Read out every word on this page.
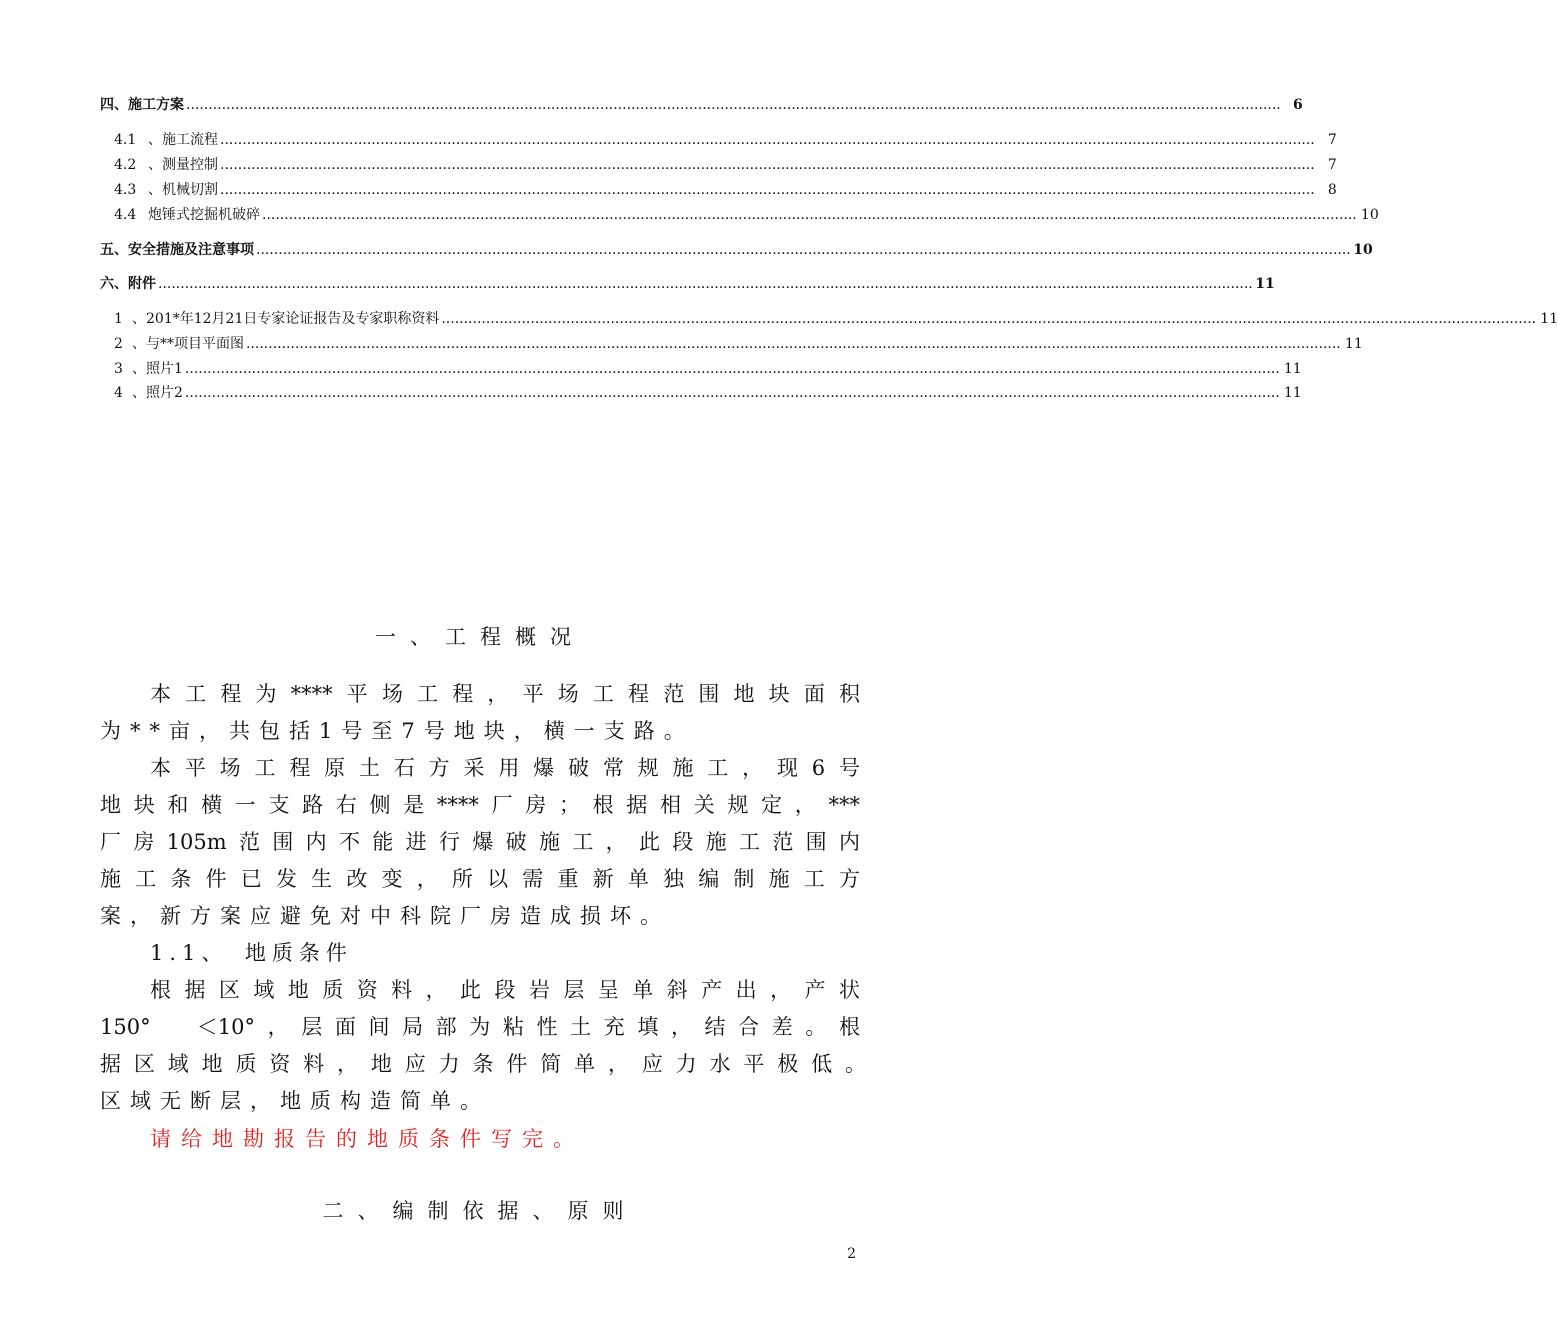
四、施工方案 ...................................................................................................................................................................................................................................................... 6
4.1 、施工流程 ...................................................................................................................................................................................................................................................... 7
4.2 、测量控制 ...................................................................................................................................................................................................................................................... 7
4.3 、机械切割 ...................................................................................................................................................................................................................................................... 8
4.4 炮锤式挖掘机破碎 ...................................................................................................................................................................................................................................................... 10
五、安全措施及注意事项 ...................................................................................................................................................................................................................................................... 10
六、附件 ...................................................................................................................................................................................................................................................... 11
1 、201*年12月21日专家论证报告及专家职称资料 ...................................................................................................................................................................................................................................................... 11
2 、与**项目平面图 ...................................................................................................................................................................................................................................................... 11
3 、照片1 ...................................................................................................................................................................................................................................................... 11
4 、照片2 ...................................................................................................................................................................................................................................................... 11
一、工程概况
本工程为****平场工程，平场工程范围地块面积
为**亩，共包括1号至7号地块，横一支路。
本平场工程原土石方采用爆破常规施工，现6号
地块和横一支路右侧是****厂房；根据相关规定，***
厂房105m范围内不能进行爆破施工，此段施工范围内
施工条件已发生改变，所以需重新单独编制施工方
案，新方案应避免对中科院厂房造成损坏。
1.1、　地质条件
根据区域地质资料，此段岩层呈单斜产出，产状
150°　＜10°，层面间局部为粘性土充填，结合差。根
据区域地质资料，地应力条件简单，应力水平极低。
区域无断层，地质构造简单。
请给地勘报告的地质条件写完。
二、编制依据、原则
2
